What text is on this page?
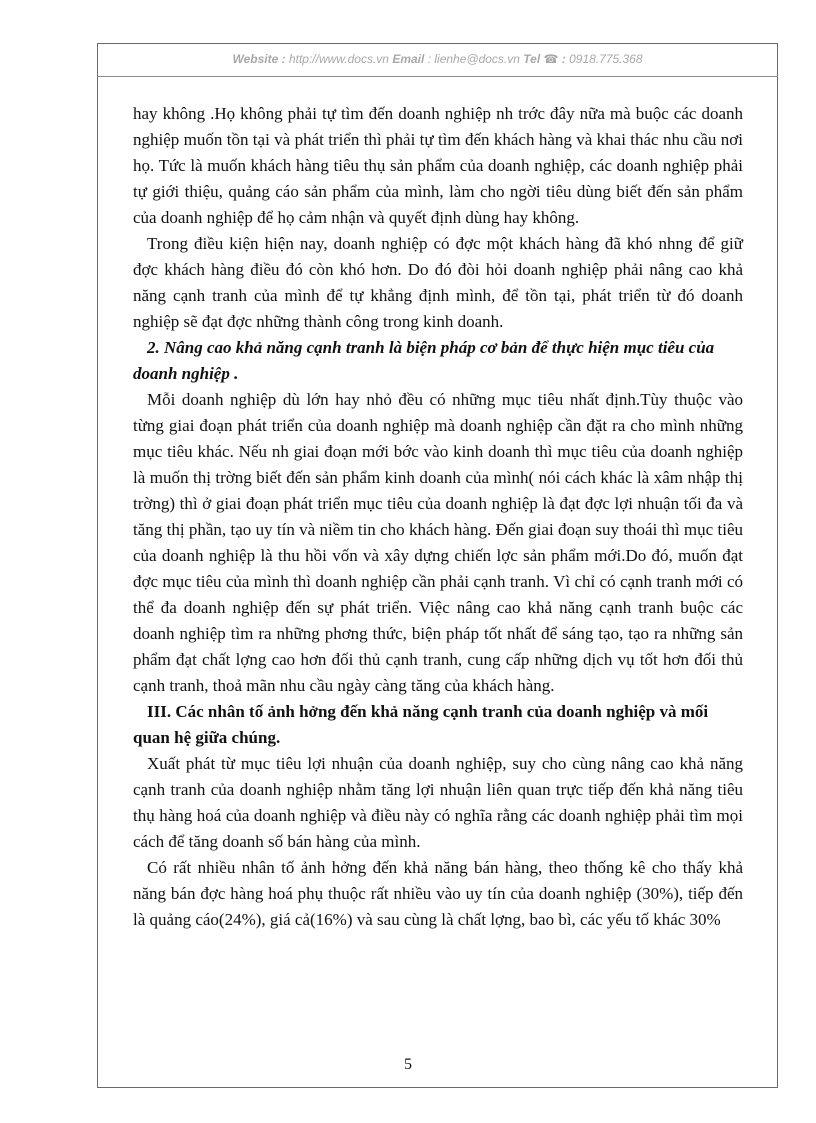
Website : http://www.docs.vn Email : lienhe@docs.vn Tel ☎ : 0918.775.368

hay không .Họ không phải tự tìm đến doanh nghiệp nh trớc đây nữa mà buộc các doanh nghiệp muốn tồn tại và phát triển thì phải tự tìm đến khách hàng và khai thác nhu cầu nơi họ. Tức là muốn khách hàng tiêu thụ sản phẩm của doanh nghiệp, các doanh nghiệp phải tự giới thiệu, quảng cáo sản phẩm của mình, làm cho ngời tiêu dùng biết đến sản phẩm của doanh nghiệp để họ cảm nhận và quyết định dùng hay không.

Trong điều kiện hiện nay, doanh nghiệp có đợc một khách hàng đã khó nhng để giữ đợc khách hàng điều đó còn khó hơn. Do đó đòi hỏi doanh nghiệp phải nâng cao khả năng cạnh tranh của mình để tự khẳng định mình, để tồn tại, phát triển từ đó doanh nghiệp sẽ đạt đợc những thành công trong kinh doanh.

2. Nâng cao khả năng cạnh tranh là biện pháp cơ bản để thực hiện mục tiêu của doanh nghiệp .

Mỗi doanh nghiệp dù lớn hay nhỏ đều có những mục tiêu nhất định.Tùy thuộc vào từng giai đoạn phát triển của doanh nghiệp mà doanh nghiệp cần đặt ra cho mình những mục tiêu khác. Nếu nh giai đoạn mới bớc vào kinh doanh thì mục tiêu của doanh nghiệp là muốn thị trờng biết đến sản phẩm kinh doanh của mình( nói cách khác là xâm nhập thị trờng) thì ở giai đoạn phát triển mục tiêu của doanh nghiệp là đạt đợc lợi nhuận tối đa và tăng thị phần, tạo uy tín và niềm tin cho khách hàng. Đến giai đoạn suy thoái thì mục tiêu của doanh nghiệp là thu hồi vốn và xây dựng chiến lợc sản phẩm mới.Do đó, muốn đạt đợc mục tiêu của mình thì doanh nghiệp cần phải cạnh tranh. Vì chỉ có cạnh tranh mới có thể đa doanh nghiệp đến sự phát triển. Việc nâng cao khả năng cạnh tranh buộc các doanh nghiệp tìm ra những phơng thức, biện pháp tốt nhất để sáng tạo, tạo ra những sản phẩm đạt chất lợng cao hơn đối thủ cạnh tranh, cung cấp những dịch vụ tốt hơn đối thủ cạnh tranh, thoả mãn nhu cầu ngày càng tăng của khách hàng.

III. Các nhân tố ảnh hởng đến khả năng cạnh tranh của doanh nghiệp và mối quan hệ giữa chúng.

Xuất phát từ mục tiêu lợi nhuận của doanh nghiệp, suy cho cùng nâng cao khả năng cạnh tranh của doanh nghiệp nhằm tăng lợi nhuận liên quan trực tiếp đến khả năng tiêu thụ hàng hoá của doanh nghiệp và điều này có nghĩa rằng các doanh nghiệp phải tìm mọi cách để tăng doanh số bán hàng của mình.

Có rất nhiều nhân tố ảnh hởng đến khả năng bán hàng, theo thống kê cho thấy khả năng bán đợc hàng hoá phụ thuộc rất nhiều vào uy tín của doanh nghiệp (30%), tiếp đến là quảng cáo(24%), giá cả(16%) và sau cùng là chất lợng, bao bì, các yếu tố khác 30%

5
